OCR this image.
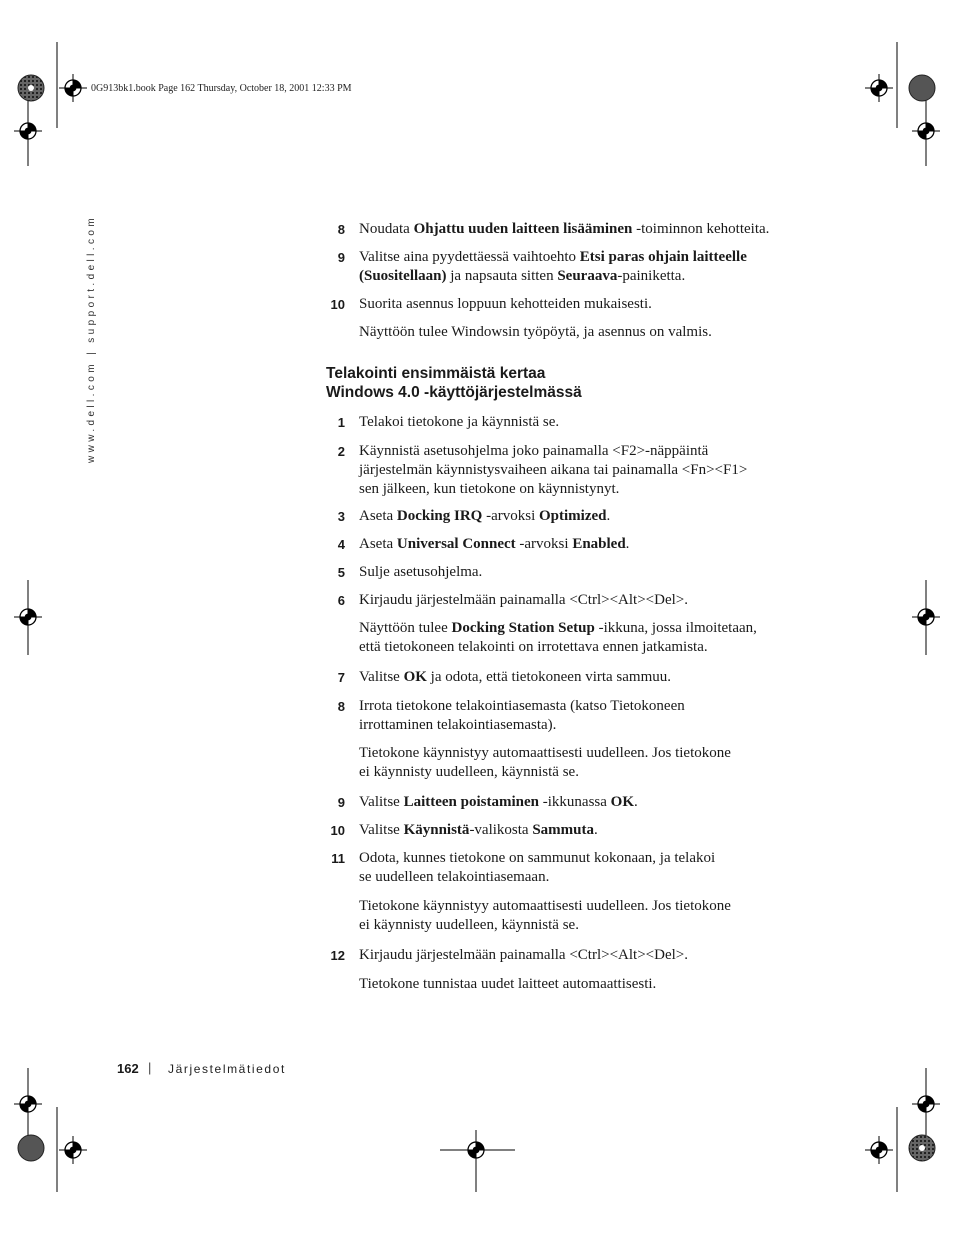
0G913bk1.book Page 162 Thursday, October 18, 2001 12:33 PM
www.dell.com | support.dell.com	8 Noudata Ohjattu uuden laitteen lisääminen -toiminnon kehotteita.
9 Valitse aina pyydettäessä vaihtoehto Etsi paras ohjain laitteelle
(Suositellaan) ja napsauta sitten Seuraava-painiketta.
10 Suorita asennus loppuun kehotteiden mukaisesti.
Näyttöön tulee Windowsin työpöytä, ja asennus on valmis.
Telakointi ensimmäistä kertaa
Windows 4.0 -käyttöjärjestelmässä
1 Telakoi tietokone ja käynnistä se.
2 Käynnistä asetusohjelma joko painamalla <F2>-näppäintä
järjestelmän käynnistysvaiheen aikana tai painamalla <Fn><F1>
sen jälkeen, kun tietokone on käynnistynyt.
3 Aseta Docking IRQ -arvoksi Optimized.
4 Aseta Universal Connect -arvoksi Enabled.
5 Sulje asetusohjelma.
6 Kirjaudu järjestelmään painamalla <Ctrl><Alt><Del>.
Näyttöön tulee Docking Station Setup -ikkuna, jossa ilmoitetaan,
että tietokoneen telakointi on irrotettava ennen jatkamista.
7 Valitse OK ja odota, että tietokoneen virta sammuu.
8 Irrota tietokone telakointiasemasta (katso Tietokoneen
irrottaminen telakointiasemasta).
Tietokone käynnistyy automaattisesti uudelleen. Jos tietokone
ei käynnisty uudelleen, käynnistä se.
9 Valitse Laitteen poistaminen -ikkunassa OK.
10 Valitse Käynnistä-valikosta Sammuta.
11 Odota, kunnes tietokone on sammunut kokonaan, ja telakoi
se uudelleen telakointiasemaan.
Tietokone käynnistyy automaattisesti uudelleen. Jos tietokone
ei käynnisty uudelleen, käynnistä se.
12 Kirjaudu järjestelmään painamalla <Ctrl><Alt><Del>.
Tietokone tunnistaa uudet laitteet automaattisesti.
162 | Järjestelmätiedot
